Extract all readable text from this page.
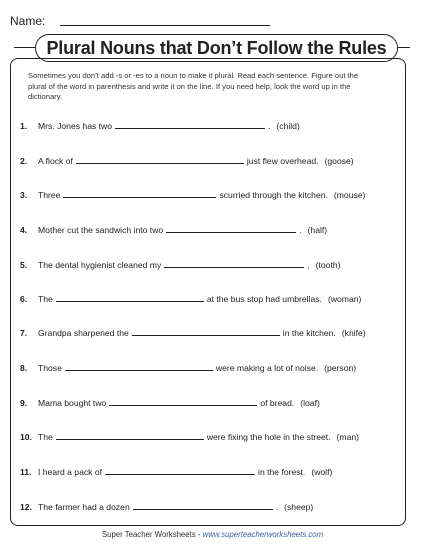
Name:
Plural Nouns that Don’t Follow the Rules
Sometimes you don’t add -s or -es to a noun to make it plural. Read each sentence. Figure out the plural of the word in parenthesis and write it on the line. If you need help, look the word up in the dictionary.
1. Mrs. Jones has two	. (child)
2. A flock of	just flew overhead. (goose)
3. Three	scurried through the kitchen. (mouse)
4. Mother cut the sandwich into two	. (half)
5. The dental hygienist cleaned my	. (tooth)
6. The	at the bus stop had umbrellas. (woman)
7. Grandpa sharpened the	in the kitchen. (knife)
8. Those	were making a lot of noise. (person)
9. Mama bought two	of bread. (loaf)
10. The	were fixing the hole in the street. (man)
11. I heard a pack of	in the forest. (wolf)
12. The farmer had a dozen	. (sheep)
Super Teacher Worksheets - www.superteacherworksheets.com
